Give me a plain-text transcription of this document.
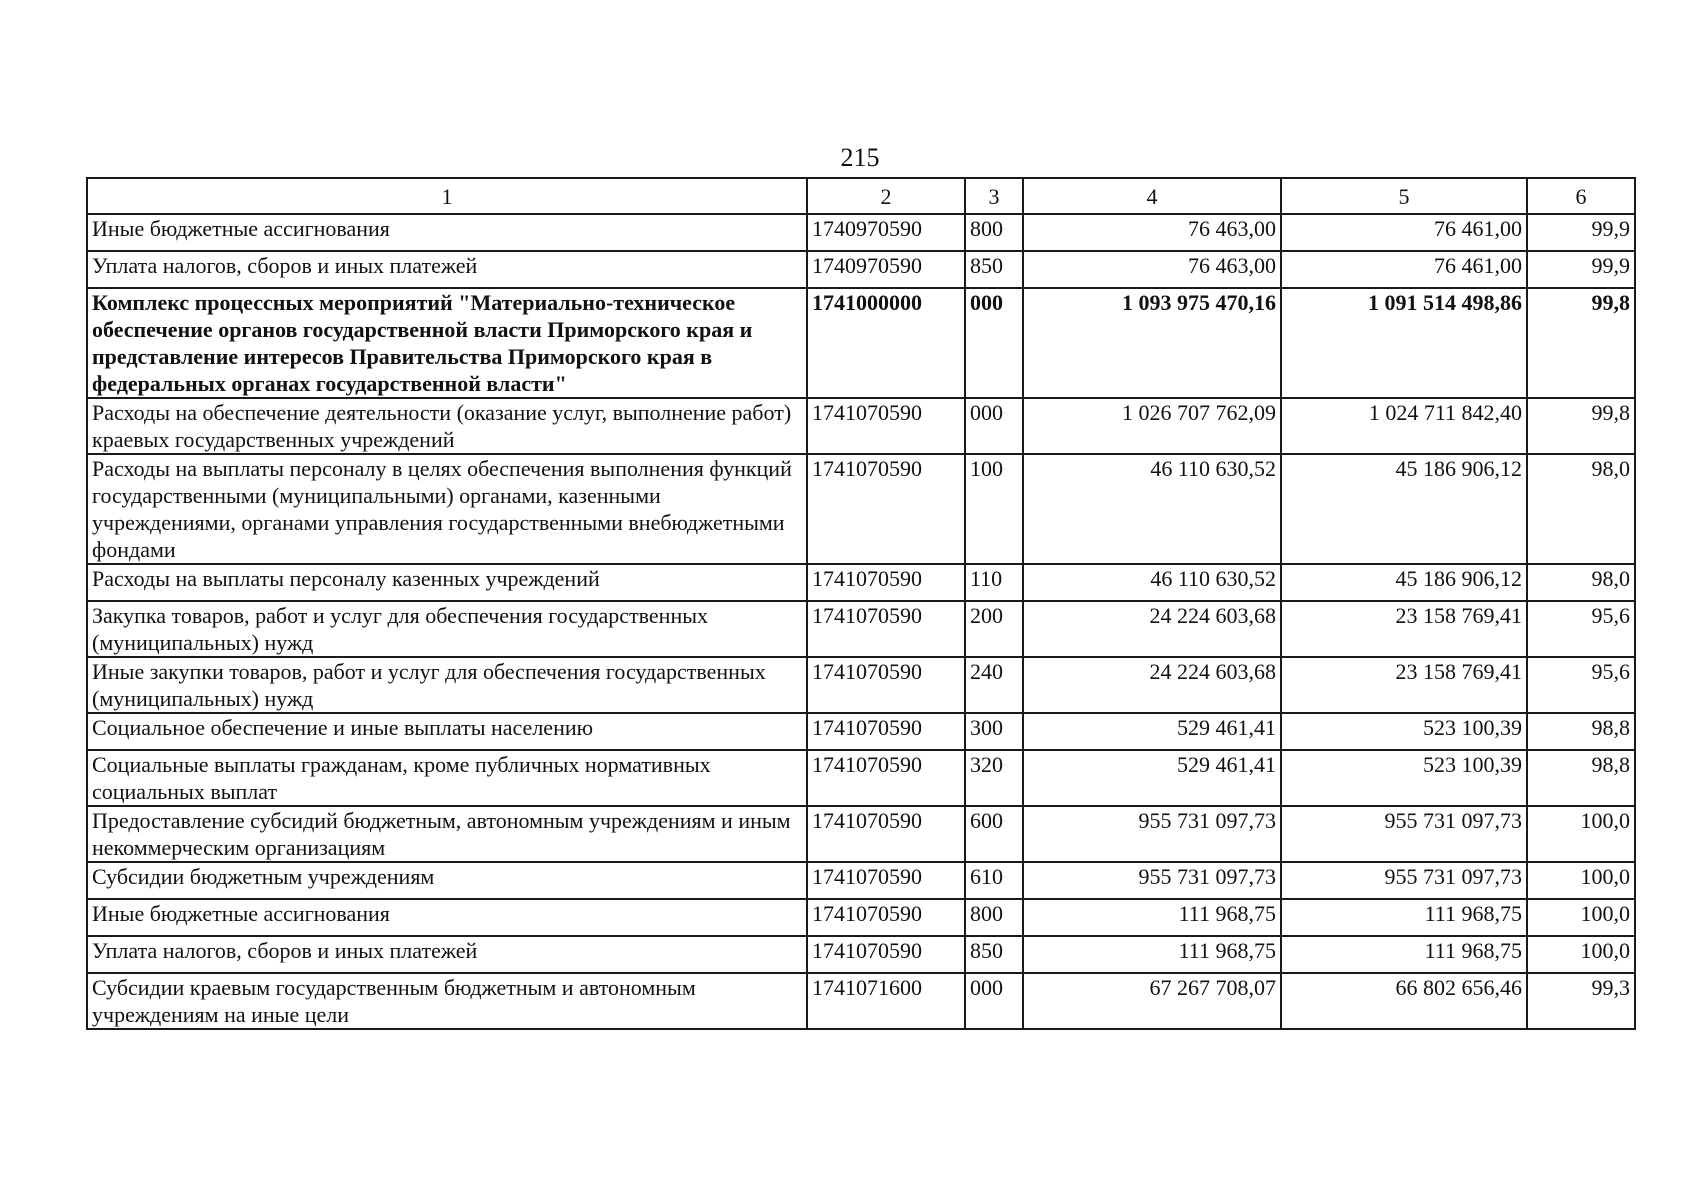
215
1	2	3	4	5	6
Иные бюджетные ассигнования	1740970590	800	76 463,00	76 461,00	99,9
Уплата налогов, сборов и иных платежей	1740970590	850	76 463,00	76 461,00	99,9
Комплекс процессных мероприятий "Материально-техническое обеспечение органов государственной власти Приморского края и представление интересов Правительства Приморского края в федеральных органах государственной власти"	1741000000	000	1 093 975 470,16	1 091 514 498,86	99,8
Расходы на обеспечение деятельности (оказание услуг, выполнение работ) краевых государственных учреждений	1741070590	000	1 026 707 762,09	1 024 711 842,40	99,8
Расходы на выплаты персоналу в целях обеспечения выполнения функций государственными (муниципальными) органами, казенными учреждениями, органами управления государственными внебюджетными фондами	1741070590	100	46 110 630,52	45 186 906,12	98,0
Расходы на выплаты персоналу казенных учреждений	1741070590	110	46 110 630,52	45 186 906,12	98,0
Закупка товаров, работ и услуг для обеспечения государственных (муниципальных) нужд	1741070590	200	24 224 603,68	23 158 769,41	95,6
Иные закупки товаров, работ и услуг для обеспечения государственных (муниципальных) нужд	1741070590	240	24 224 603,68	23 158 769,41	95,6
Социальное обеспечение и иные выплаты населению	1741070590	300	529 461,41	523 100,39	98,8
Социальные выплаты гражданам, кроме публичных нормативных социальных выплат	1741070590	320	529 461,41	523 100,39	98,8
Предоставление субсидий бюджетным, автономным учреждениям и иным некоммерческим организациям	1741070590	600	955 731 097,73	955 731 097,73	100,0
Субсидии бюджетным учреждениям	1741070590	610	955 731 097,73	955 731 097,73	100,0
Иные бюджетные ассигнования	1741070590	800	111 968,75	111 968,75	100,0
Уплата налогов, сборов и иных платежей	1741070590	850	111 968,75	111 968,75	100,0
Субсидии краевым государственным бюджетным и автономным учреждениям на иные цели	1741071600	000	67 267 708,07	66 802 656,46	99,3
